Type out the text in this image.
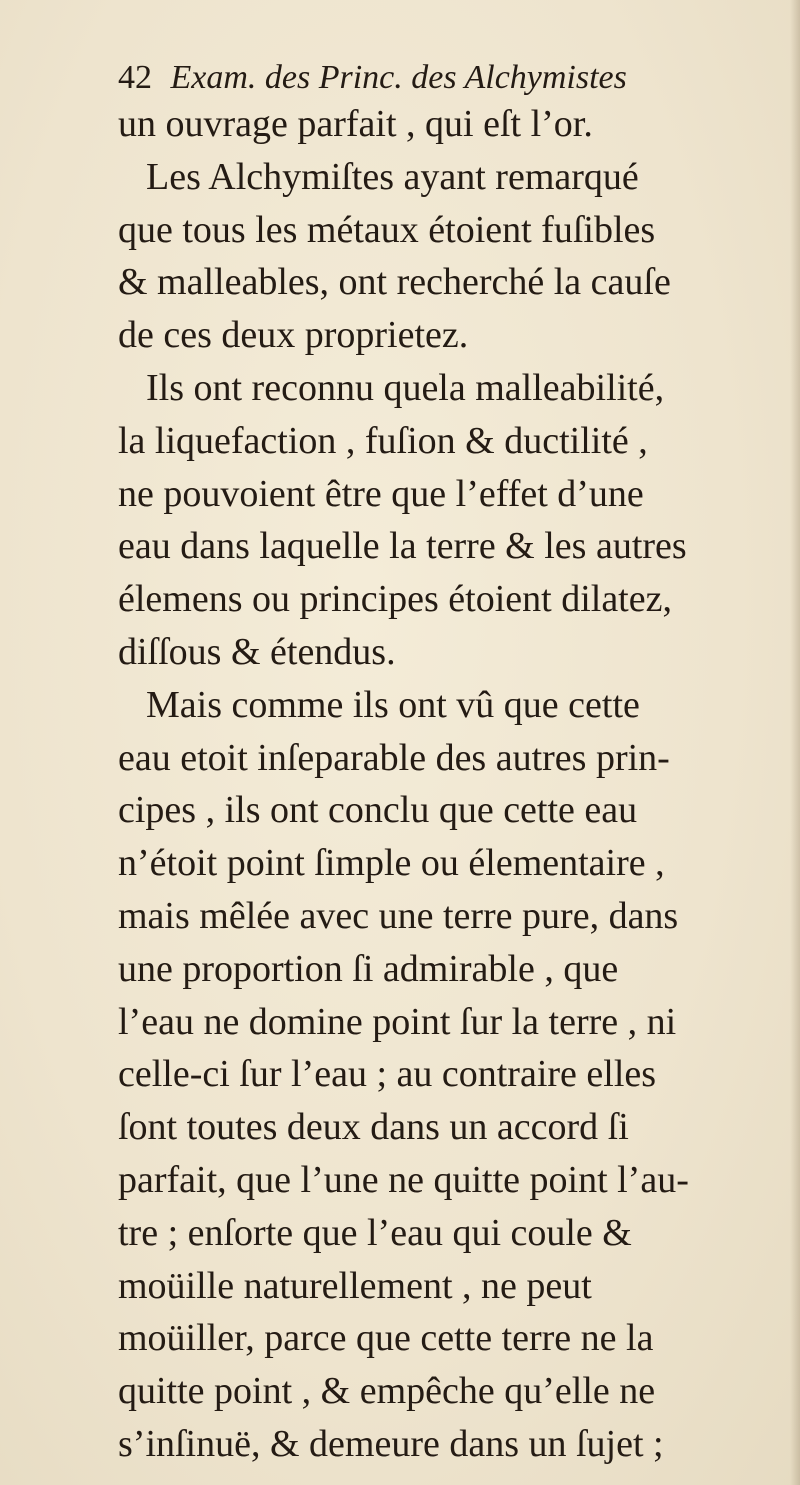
42 Exam. des Princ. des Alchymistes
un ouvrage parfait , qui eſt l’or.
Les Alchymiſtes ayant remarqué
que tous les métaux étoient fuſibles
& malleables, ont recherché la cauſe
de ces deux proprietez.
Ils ont reconnu quela malleabilité,
la liquefaction , fuſion & ductilité ,
ne pouvoient être que l’effet d’une
eau dans laquelle la terre & les autres
élemens ou principes étoient dilatez,
diſſous & étendus.
Mais comme ils ont vû que cette
eau etoit inſeparable des autres prin-
cipes , ils ont conclu que cette eau
n’étoit point ſimple ou élementaire ,
mais mêlée avec une terre pure, dans
une proportion ſi admirable , que
l’eau ne domine point ſur la terre , ni
celle-ci ſur l’eau ; au contraire elles
ſont toutes deux dans un accord ſi
parfait, que l’une ne quitte point l’au-
tre ; enſorte que l’eau qui coule &
moüille naturellement , ne peut
moüiller, parce que cette terre ne la
quitte point , & empêche qu’elle ne
s’inſinuë, & demeure dans un ſujet ;
